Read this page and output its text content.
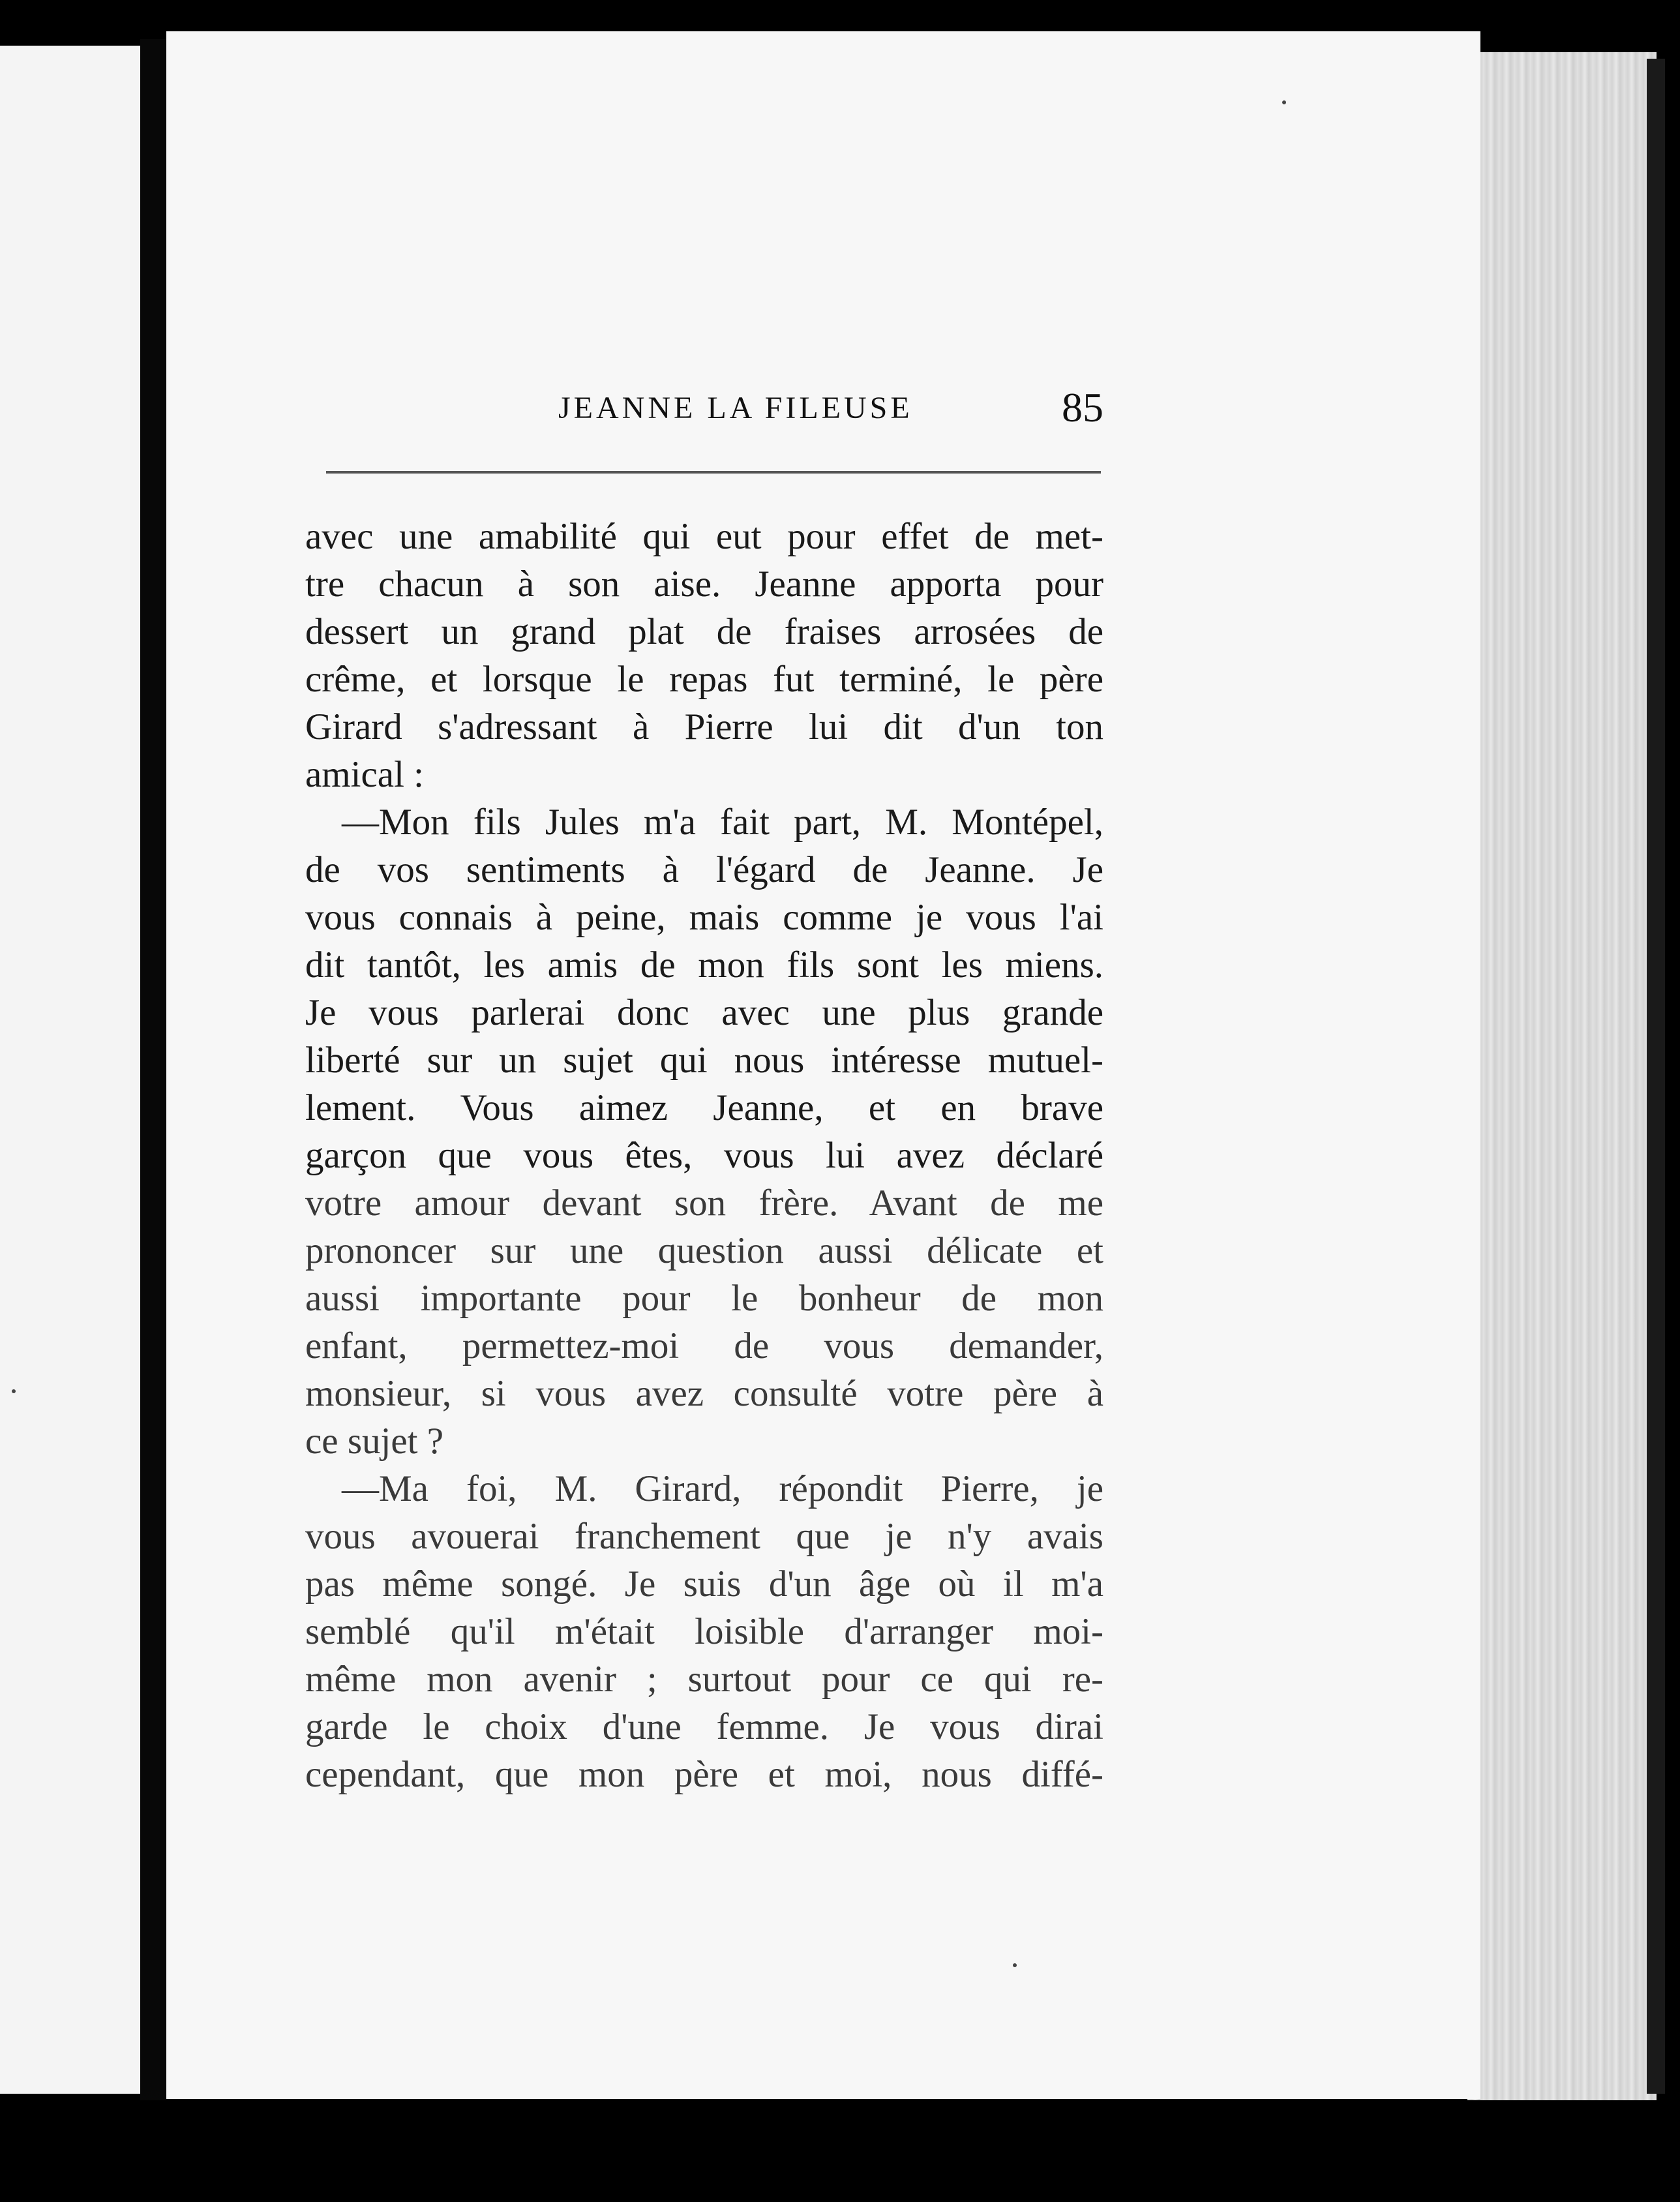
JEANNE LA FILEUSE	85
avec une amabilité qui eut pour effet de met-
tre chacun à son aise. Jeanne apporta pour
dessert un grand plat de fraises arrosées de
crême, et lorsque le repas fut terminé, le père
Girard s'adressant à Pierre lui dit d'un ton
amical :
—Mon fils Jules m'a fait part, M. Montépel,
de vos sentiments à l'égard de Jeanne. Je
vous connais à peine, mais comme je vous l'ai
dit tantôt, les amis de mon fils sont les miens.
Je vous parlerai donc avec une plus grande
liberté sur un sujet qui nous intéresse mutuel-
lement. Vous aimez Jeanne, et en brave
garçon que vous êtes, vous lui avez déclaré
votre amour devant son frère. Avant de me
prononcer sur une question aussi délicate et
aussi importante pour le bonheur de mon
enfant, permettez-moi de vous demander,
monsieur, si vous avez consulté votre père à
ce sujet ?
—Ma foi, M. Girard, répondit Pierre, je
vous avouerai franchement que je n'y avais
pas même songé. Je suis d'un âge où il m'a
semblé qu'il m'était loisible d'arranger moi-
même mon avenir ; surtout pour ce qui re-
garde le choix d'une femme. Je vous dirai
cependant, que mon père et moi, nous diffé-
